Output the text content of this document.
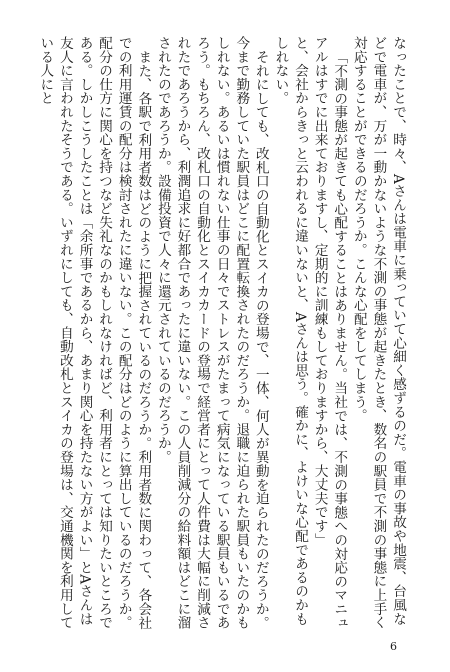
なったことで、時々、Aさんは電車に乗っていて心細く感ずるのだ。電車の事故や地震、台風などで電車が、万が一動かないような不測の事態が起きたとき、数名の駅員で不測の事態に上手く対応することができるのだろうか。こんな心配をしてしまう。

「不測の事態が起きても心配することはありません。当社では、不測の事態への対応のマニュアルはすでに出来ておりますし、定期的に訓練もしておりますから、大丈夫です」

と、会社からきっと云われるに違いないと、Aさんは思う。確かに、よけいな心配であるのかもしれない。

それにしても、改札口の自動化とスイカの登場で、一体、何人が異動を迫られたのだろうか。今まで勤務していた駅員はどこに配置転換されたのだろうか。退職に迫られた駅員もいたのかもしれない。あるいは慣れない仕事の日々でストレスがたまって病気になっている駅員もいるであろう。もちろん、改札口の自動化とスイカカードの登場で経営者にとって人件費は大幅に削減されたであろうから、利潤追求に好都合であったに違いない。この人員削減分の給料額はどこに溜されたのであろうか。設備投資で人々に還元されているのだろうか。

また、各駅で利用者数はどのように把握されているのだろうか。利用者数に関わって、各会社での利用運賃の配分は検討されたに違いない。この配分はどのように算出しているのだろうか。配分の仕方に関心を持つなど失礼なのかもしれなければど、利用者にとっては知りたいところである。しかしこうしたことは「余所事であるから、あまり関心を持たない方がよい」とAさんは友人に言われたそうである。いずれにしても、自動改札とスイカの登場は、交通機関を利用している人にと

6
